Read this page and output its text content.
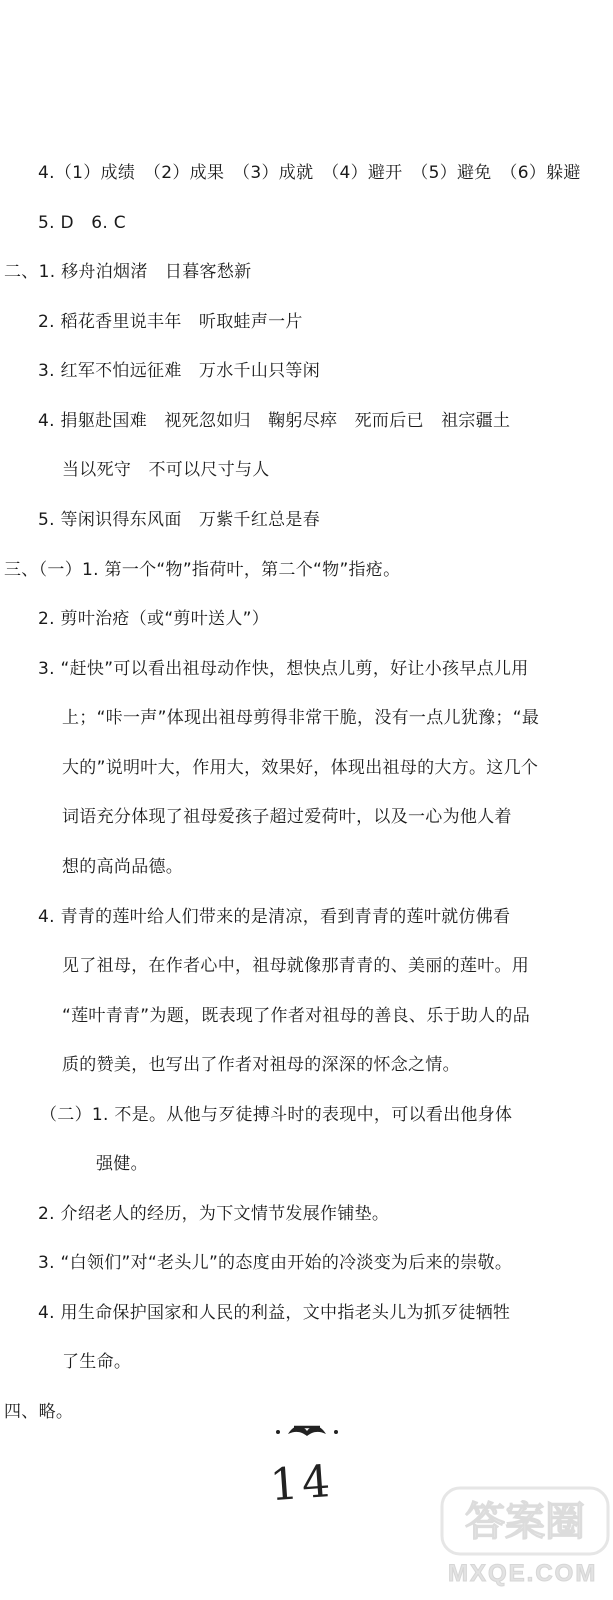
4.（1）成绩　（2）成果　（3）成就　（4）避开　（5）避免　（6）躲避
5. D　6. C
二、1. 移舟泊烟渚　日暮客愁新
2. 稻花香里说丰年　听取蛙声一片
3. 红军不怕远征难　万水千山只等闲
4. 捐躯赴国难　视死忽如归　鞠躬尽瘁　死而后已　祖宗疆土
当以死守　不可以尺寸与人
5. 等闲识得东风面　万紫千红总是春
三、（一）1. 第一个“物”指荷叶，第二个“物”指疮。
2. 剪叶治疮（或“剪叶送人”）
3. “赶快”可以看出祖母动作快，想快点儿剪，好让小孩早点儿用
上；“咔一声”体现出祖母剪得非常干脆，没有一点儿犹豫；“最
大的”说明叶大，作用大，效果好，体现出祖母的大方。这几个
词语充分体现了祖母爱孩子超过爱荷叶，以及一心为他人着
想的高尚品德。
4. 青青的莲叶给人们带来的是清凉，看到青青的莲叶就仿佛看
见了祖母，在作者心中，祖母就像那青青的、美丽的莲叶。用
“莲叶青青”为题，既表现了作者对祖母的善良、乐于助人的品
质的赞美，也写出了作者对祖母的深深的怀念之情。
（二）1. 不是。从他与歹徒搏斗时的表现中，可以看出他身体
强健。
2. 介绍老人的经历，为下文情节发展作铺垫。
3. “白领们”对“老头儿”的态度由开始的冷淡变为后来的崇敬。
4. 用生命保护国家和人民的利益，文中指老头儿为抓歹徒牺牲
了生命。
四、略。
14
答案圈
MXQE.COM
